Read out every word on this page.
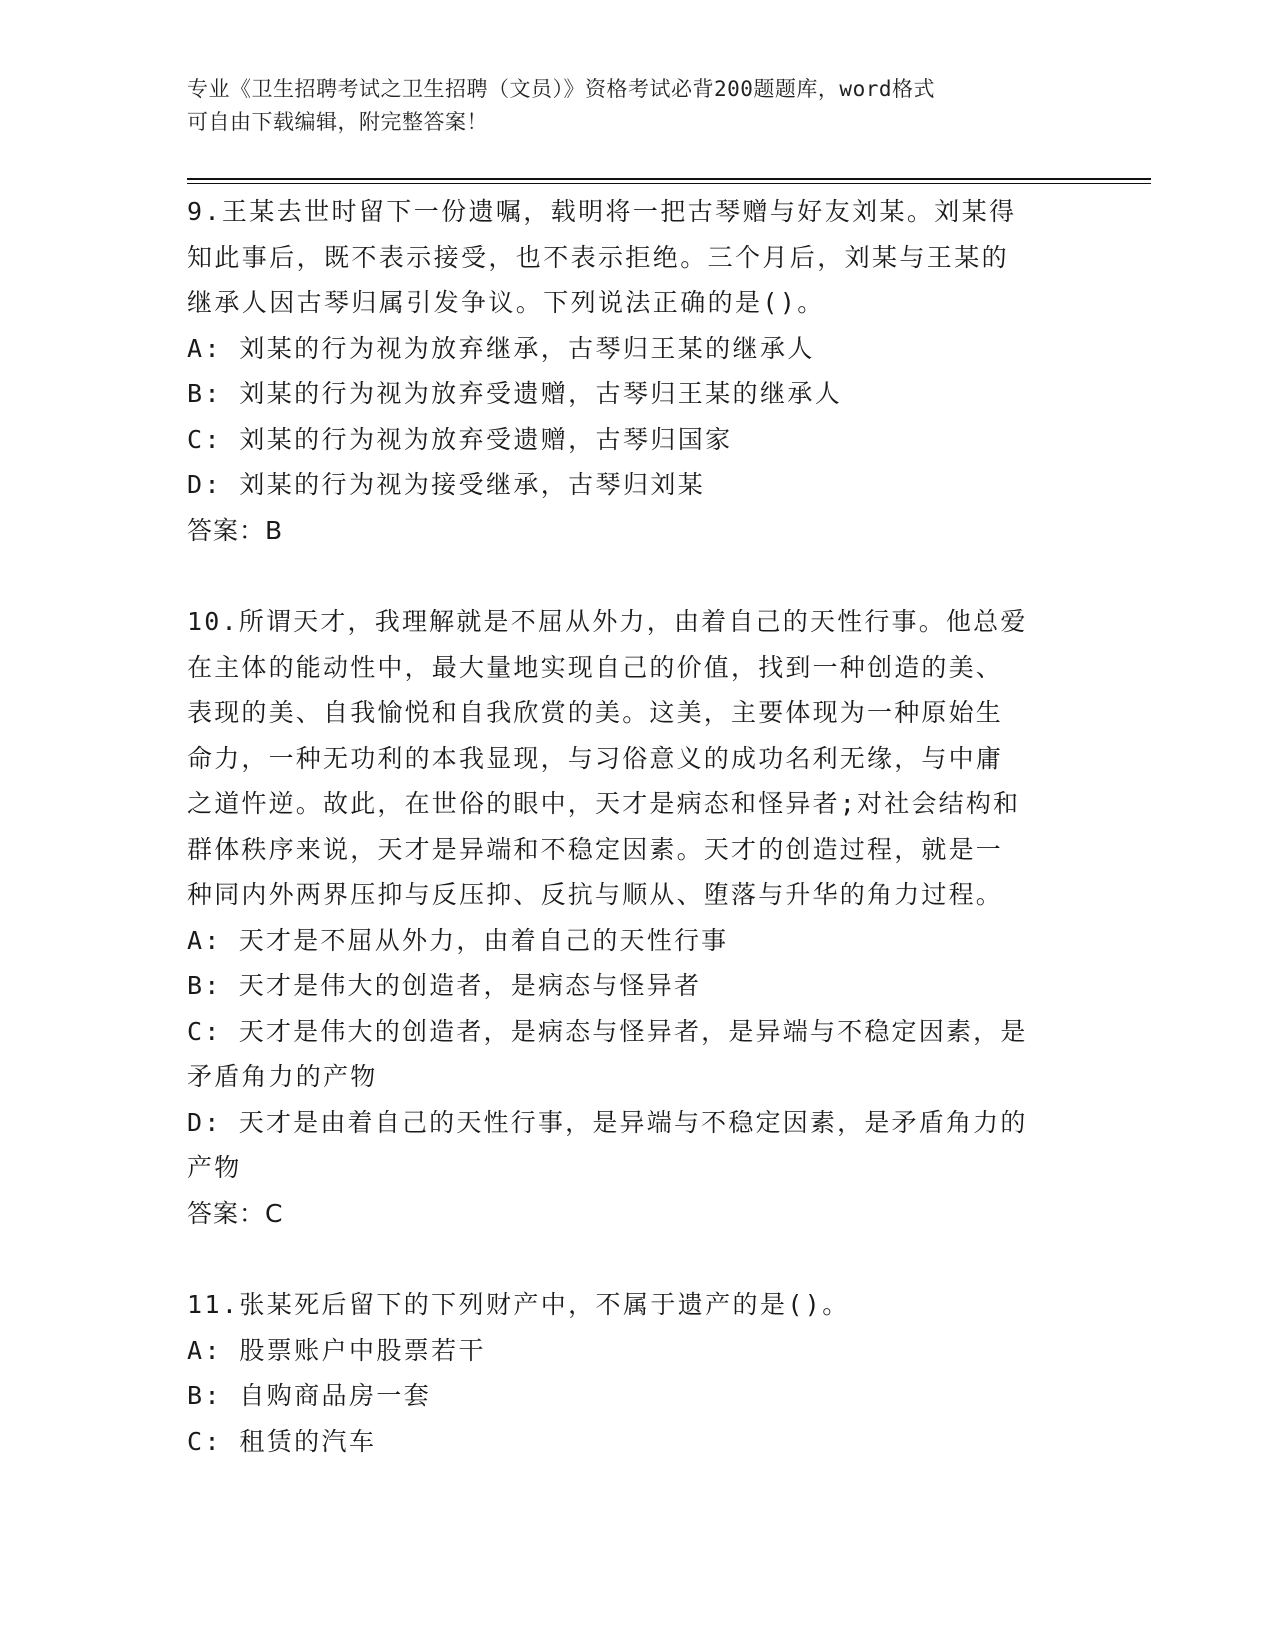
专业《卫生招聘考试之卫生招聘（文员）》资格考试必背200题题库，word格式
可自由下载编辑，附完整答案！
9.王某去世时留下一份遗嘱，载明将一把古琴赠与好友刘某。刘某得
知此事后，既不表示接受，也不表示拒绝。三个月后，刘某与王某的
继承人因古琴归属引发争议。下列说法正确的是()。
A: 刘某的行为视为放弃继承，古琴归王某的继承人
B: 刘某的行为视为放弃受遗赠，古琴归王某的继承人
C: 刘某的行为视为放弃受遗赠，古琴归国家
D: 刘某的行为视为接受继承，古琴归刘某
答案：B
10.所谓天才，我理解就是不屈从外力，由着自己的天性行事。他总爱
在主体的能动性中，最大量地实现自己的价值，找到一种创造的美、
表现的美、自我愉悦和自我欣赏的美。这美，主要体现为一种原始生
命力，一种无功利的本我显现，与习俗意义的成功名利无缘，与中庸
之道忤逆。故此，在世俗的眼中，天才是病态和怪异者;对社会结构和
群体秩序来说，天才是异端和不稳定因素。天才的创造过程，就是一
种同内外两界压抑与反压抑、反抗与顺从、堕落与升华的角力过程。
A: 天才是不屈从外力，由着自己的天性行事
B: 天才是伟大的创造者，是病态与怪异者
C: 天才是伟大的创造者，是病态与怪异者，是异端与不稳定因素，是
矛盾角力的产物
D: 天才是由着自己的天性行事，是异端与不稳定因素，是矛盾角力的
产物
答案：C
11.张某死后留下的下列财产中，不属于遗产的是()。
A: 股票账户中股票若干
B: 自购商品房一套
C: 租赁的汽车
